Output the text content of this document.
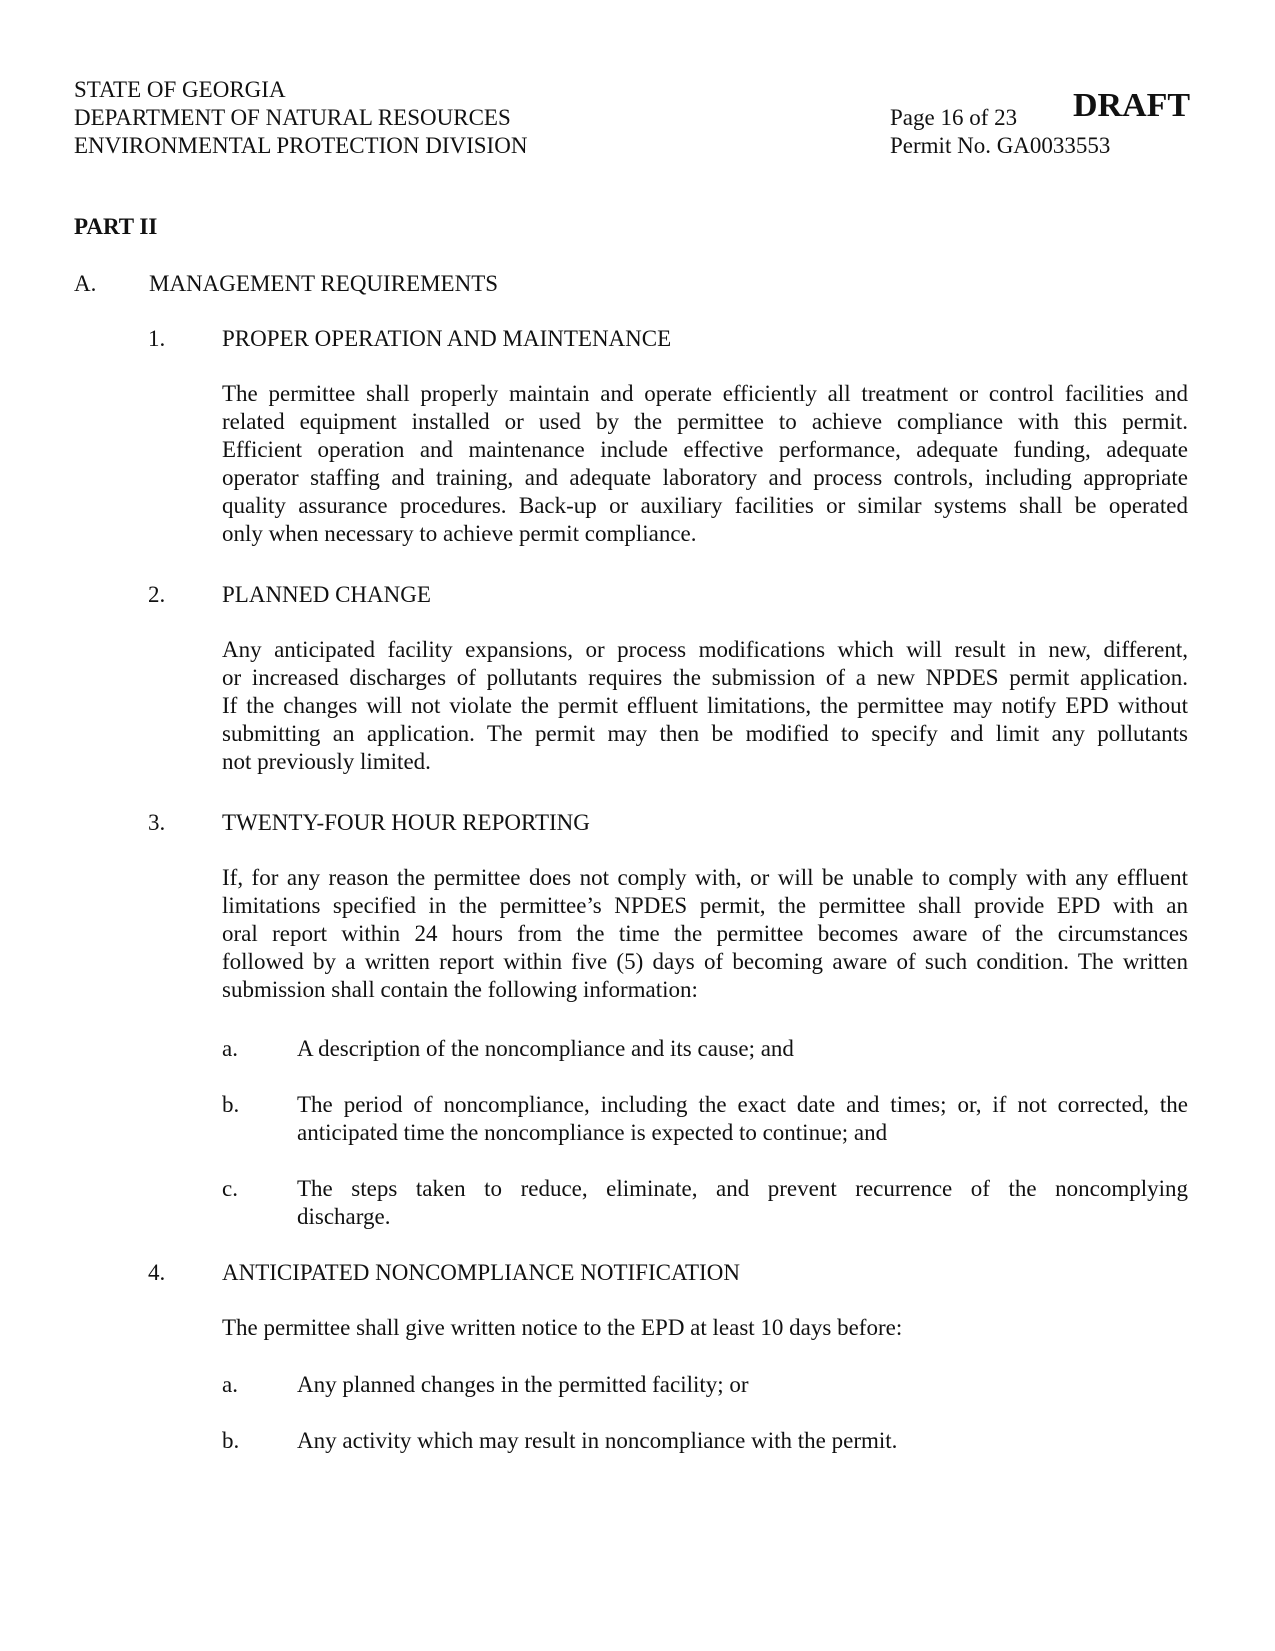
STATE OF GEORGIA
DEPARTMENT OF NATURAL RESOURCES
ENVIRONMENTAL PROTECTION DIVISION
Page 16 of 23
Permit No. GA0033553
DRAFT
PART II
A. MANAGEMENT REQUIREMENTS
1. PROPER OPERATION AND MAINTENANCE
The permittee shall properly maintain and operate efficiently all treatment or control facilities and
related equipment installed or used by the permittee to achieve compliance with this permit.
Efficient operation and maintenance include effective performance, adequate funding, adequate
operator staffing and training, and adequate laboratory and process controls, including appropriate
quality assurance procedures. Back-up or auxiliary facilities or similar systems shall be operated
only when necessary to achieve permit compliance.
2. PLANNED CHANGE
Any anticipated facility expansions, or process modifications which will result in new, different,
or increased discharges of pollutants requires the submission of a new NPDES permit application.
If the changes will not violate the permit effluent limitations, the permittee may notify EPD without
submitting an application. The permit may then be modified to specify and limit any pollutants
not previously limited.
3. TWENTY-FOUR HOUR REPORTING
If, for any reason the permittee does not comply with, or will be unable to comply with any effluent
limitations specified in the permittee’s NPDES permit, the permittee shall provide EPD with an
oral report within 24 hours from the time the permittee becomes aware of the circumstances
followed by a written report within five (5) days of becoming aware of such condition. The written
submission shall contain the following information:
a.	A description of the noncompliance and its cause; and
b.	The period of noncompliance, including the exact date and times; or, if not corrected, the
anticipated time the noncompliance is expected to continue; and
c.	The steps taken to reduce, eliminate, and prevent recurrence of the noncomplying
discharge.
4. ANTICIPATED NONCOMPLIANCE NOTIFICATION
The permittee shall give written notice to the EPD at least 10 days before:
a.	Any planned changes in the permitted facility; or
b.	Any activity which may result in noncompliance with the permit.
